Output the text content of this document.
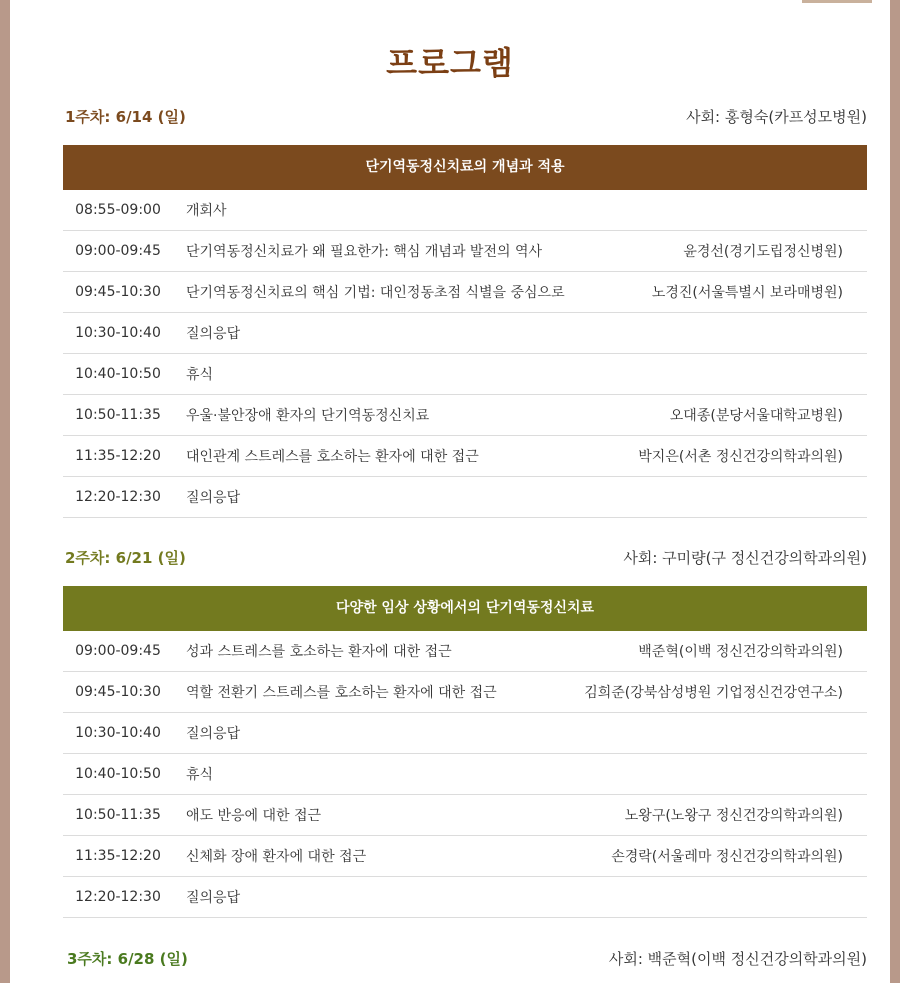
프로그램
1주차: 6/14 (일)	사회: 홍형숙(카프성모병원)
단기역동정신치료의 개념과 적용
08:55-09:00	개회사
09:00-09:45	단기역동정신치료가 왜 필요한가: 핵심 개념과 발전의 역사	윤경선(경기도립정신병원)
09:45-10:30	단기역동정신치료의 핵심 기법: 대인정동초점 식별을 중심으로	노경진(서울특별시 보라매병원)
10:30-10:40	질의응답
10:40-10:50	휴식
10:50-11:35	우울·불안장애 환자의 단기역동정신치료	오대종(분당서울대학교병원)
11:35-12:20	대인관계 스트레스를 호소하는 환자에 대한 접근	박지은(서촌 정신건강의학과의원)
12:20-12:30	질의응답
2주차: 6/21 (일)	사회: 구미량(구 정신건강의학과의원)
다양한 임상 상황에서의 단기역동정신치료
09:00-09:45	성과 스트레스를 호소하는 환자에 대한 접근	백준혁(이백 정신건강의학과의원)
09:45-10:30	역할 전환기 스트레스를 호소하는 환자에 대한 접근	김희준(강북삼성병원 기업정신건강연구소)
10:30-10:40	질의응답
10:40-10:50	휴식
10:50-11:35	애도 반응에 대한 접근	노왕구(노왕구 정신건강의학과의원)
11:35-12:20	신체화 장애 환자에 대한 접근	손경락(서울레마 정신건강의학과의원)
12:20-12:30	질의응답
3주차: 6/28 (일)	사회: 백준혁(이백 정신건강의학과의원)
